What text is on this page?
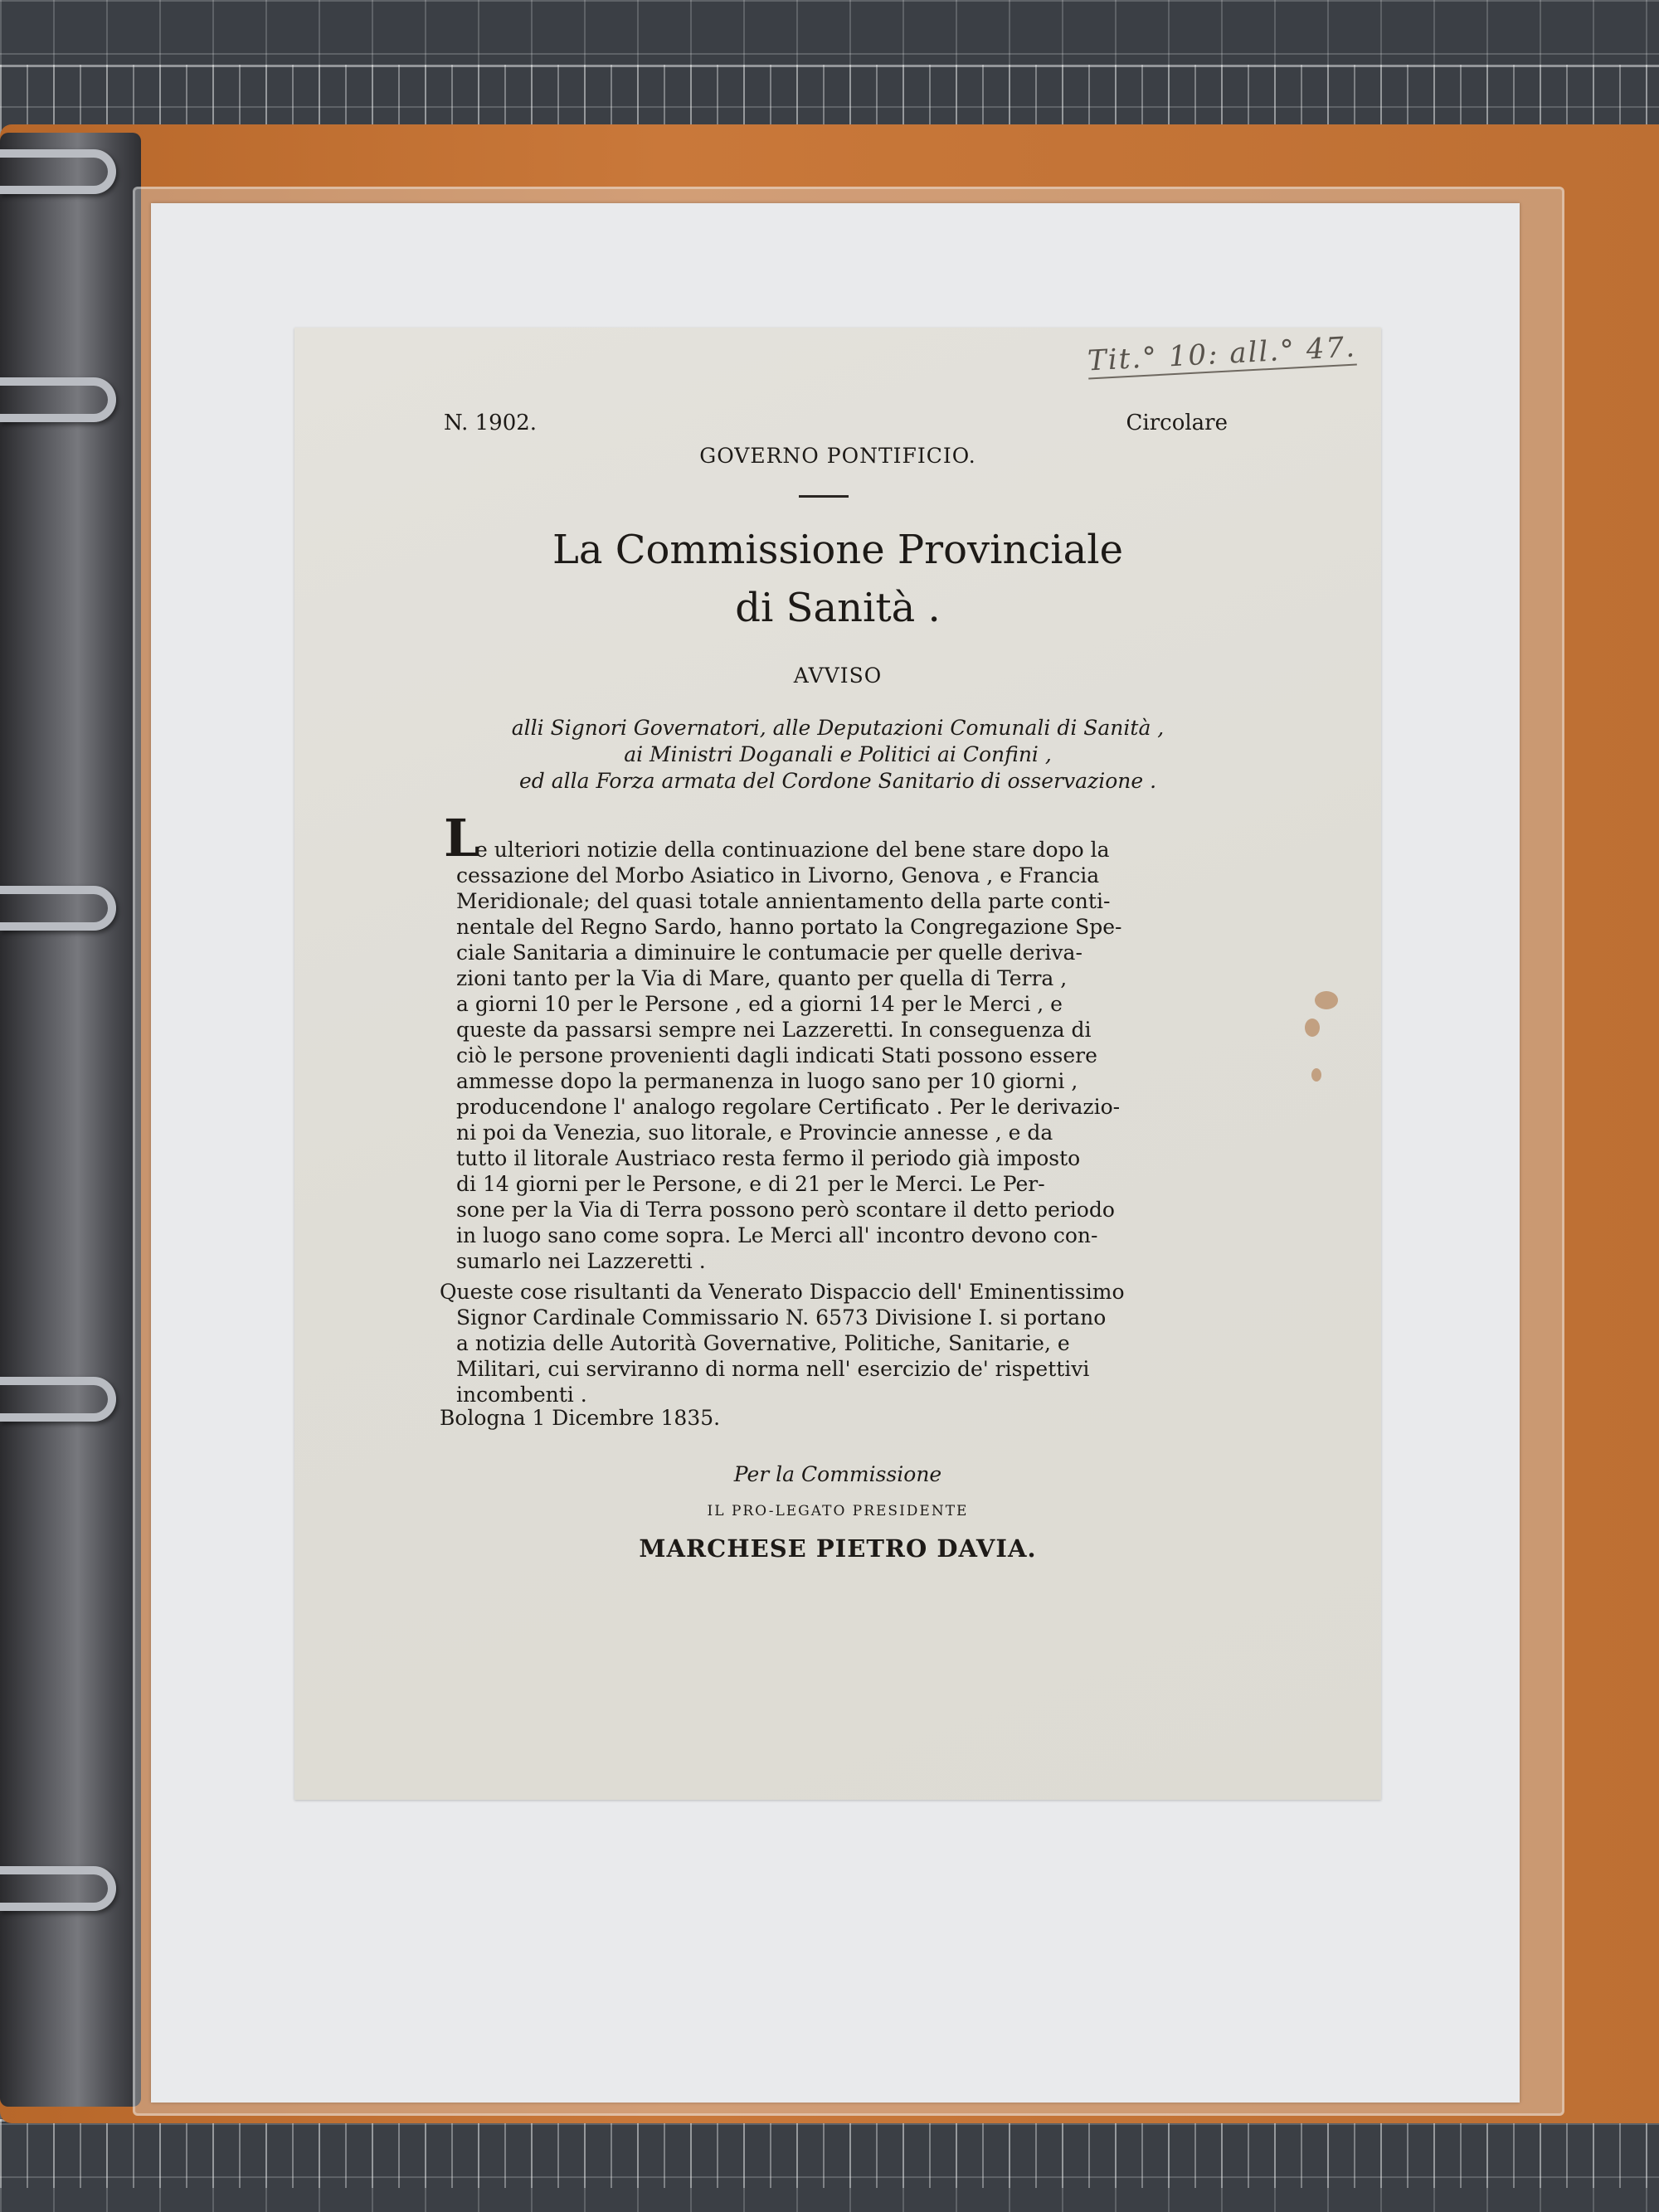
Tit.° 10: all.° 47.
N. 1902.	Circolare
GOVERNO PONTIFICIO.
La Commissione Provinciale
di Sanità .
AVVISO
alli Signori Governatori, alle Deputazioni Comunali di Sanità ,
ai Ministri Doganali e Politici ai Confini ,
ed alla Forza armata del Cordone Sanitario di osservazione .
L
e ulteriori notizie della continuazione del bene stare dopo la
cessazione del Morbo Asiatico in Livorno, Genova , e Francia
Meridionale; del quasi totale annientamento della parte conti-
nentale del Regno Sardo, hanno portato la Congregazione Spe-
ciale Sanitaria a diminuire le contumacie per quelle deriva-
zioni tanto per la Via di Mare, quanto per quella di Terra ,
a giorni 10 per le Persone , ed a giorni 14 per le Merci , e
queste da passarsi sempre nei Lazzeretti. In conseguenza di
ciò le persone provenienti dagli indicati Stati possono essere
ammesse dopo la permanenza in luogo sano per 10 giorni ,
producendone l' analogo regolare Certificato . Per le derivazio-
ni poi da Venezia, suo litorale, e Provincie annesse , e da
tutto il litorale Austriaco resta fermo il periodo già imposto
di 14 giorni per le Persone, e di 21 per le Merci. Le Per-
sone per la Via di Terra possono però scontare il detto periodo
in luogo sano come sopra. Le Merci all' incontro devono con-
sumarlo nei Lazzeretti .
Queste cose risultanti da Venerato Dispaccio dell' Eminentissimo
Signor Cardinale Commissario N. 6573 Divisione I. si portano
a notizia delle Autorità Governative, Politiche, Sanitarie, e
Militari, cui serviranno di norma nell' esercizio de' rispettivi
incombenti .
Bologna 1 Dicembre 1835.
Per la Commissione
IL PRO-LEGATO PRESIDENTE
MARCHESE PIETRO DAVIA.
